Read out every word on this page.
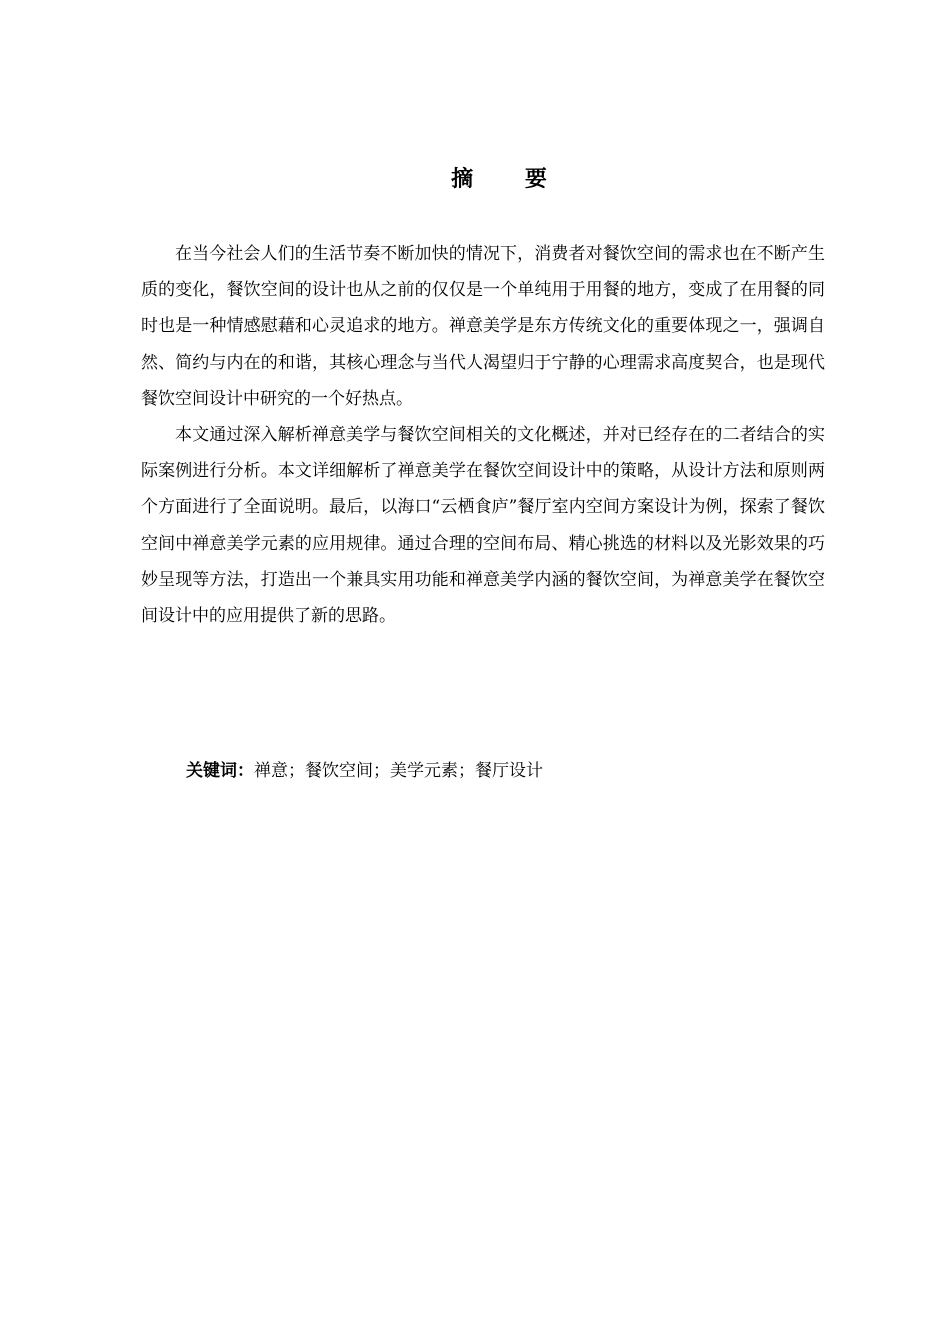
摘 要

在当今社会人们的生活节奏不断加快的情况下，消费者对餐饮空间的需求也在不断产生质的变化，餐饮空间的设计也从之前的仅仅是一个单纯用于用餐的地方，变成了在用餐的同时也是一种情感慰藉和心灵追求的地方。禅意美学是东方传统文化的重要体现之一，强调自然、简约与内在的和谐，其核心理念与当代人渴望归于宁静的心理需求高度契合，也是现代餐饮空间设计中研究的一个好热点。

本文通过深入解析禅意美学与餐饮空间相关的文化概述，并对已经存在的二者结合的实际案例进行分析。本文详细解析了禅意美学在餐饮空间设计中的策略，从设计方法和原则两个方面进行了全面说明。最后，以海口“云栖食庐”餐厅室内空间方案设计为例，探索了餐饮空间中禅意美学元素的应用规律。通过合理的空间布局、精心挑选的材料以及光影效果的巧妙呈现等方法，打造出一个兼具实用功能和禅意美学内涵的餐饮空间，为禅意美学在餐饮空间设计中的应用提供了新的思路。

关键词：禅意；餐饮空间；美学元素；餐厅设计
